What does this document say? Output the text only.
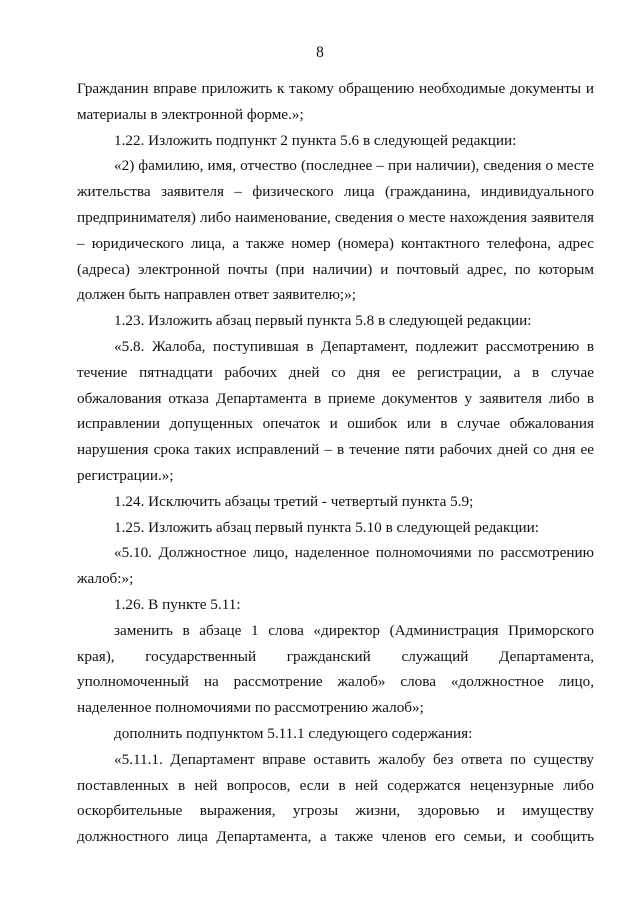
8

Гражданин вправе приложить к такому обращению необходимые документы и материалы в электронной форме.»;

1.22. Изложить подпункт 2 пункта 5.6 в следующей редакции:

«2) фамилию, имя, отчество (последнее – при наличии), сведения о месте жительства заявителя – физического лица (гражданина, индивидуального предпринимателя) либо наименование, сведения о месте нахождения заявителя – юридического лица, а также номер (номера) контактного телефона, адрес (адреса) электронной почты (при наличии) и почтовый адрес, по которым должен быть направлен ответ заявителю;»;

1.23. Изложить абзац первый пункта 5.8 в следующей редакции:

«5.8. Жалоба, поступившая в Департамент, подлежит рассмотрению в течение пятнадцати рабочих дней со дня ее регистрации, а в случае обжалования отказа Департамента в приеме документов у заявителя либо в исправлении допущенных опечаток и ошибок или в случае обжалования нарушения срока таких исправлений – в течение пяти рабочих дней со дня ее регистрации.»;

1.24. Исключить абзацы третий - четвертый пункта 5.9;

1.25. Изложить абзац первый пункта 5.10 в следующей редакции:

«5.10. Должностное лицо, наделенное полномочиями по рассмотрению жалоб:»;

1.26. В пункте 5.11:

заменить в абзаце 1 слова «директор (Администрация Приморского края), государственный гражданский служащий Департамента, уполномоченный на рассмотрение жалоб» слова «должностное лицо, наделенное полномочиями по рассмотрению жалоб»;

дополнить подпунктом 5.11.1 следующего содержания:

«5.11.1. Департамент вправе оставить жалобу без ответа по существу поставленных в ней вопросов, если в ней содержатся нецензурные либо оскорбительные выражения, угрозы жизни, здоровью и имуществу должностного лица Департамента, а также членов его семьи, и сообщить
